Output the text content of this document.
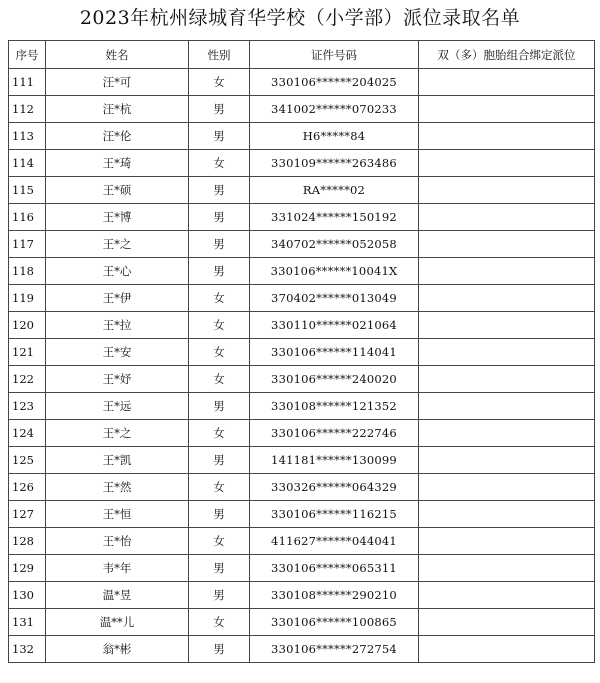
2023年杭州绿城育华学校（小学部）派位录取名单
序号	姓名	性别	证件号码	双（多）胞胎组合绑定派位
111	汪*可	女	330106******204025	
112	汪*杭	男	341002******070233	
113	汪*伦	男	H6*****84	
114	王*琦	女	330109******263486	
115	王*硕	男	RA*****02	
116	王*博	男	331024******150192	
117	王*之	男	340702******052058	
118	王*心	男	330106******10041X	
119	王*伊	女	370402******013049	
120	王*拉	女	330110******021064	
121	王*安	女	330106******114041	
122	王*妤	女	330106******240020	
123	王*远	男	330108******121352	
124	王*之	女	330106******222746	
125	王*凯	男	141181******130099	
126	王*然	女	330326******064329	
127	王*恒	男	330106******116215	
128	王*怡	女	411627******044041	
129	韦*年	男	330106******065311	
130	温*昱	男	330108******290210	
131	温**儿	女	330106******100865	
132	翁*彬	男	330106******272754	
